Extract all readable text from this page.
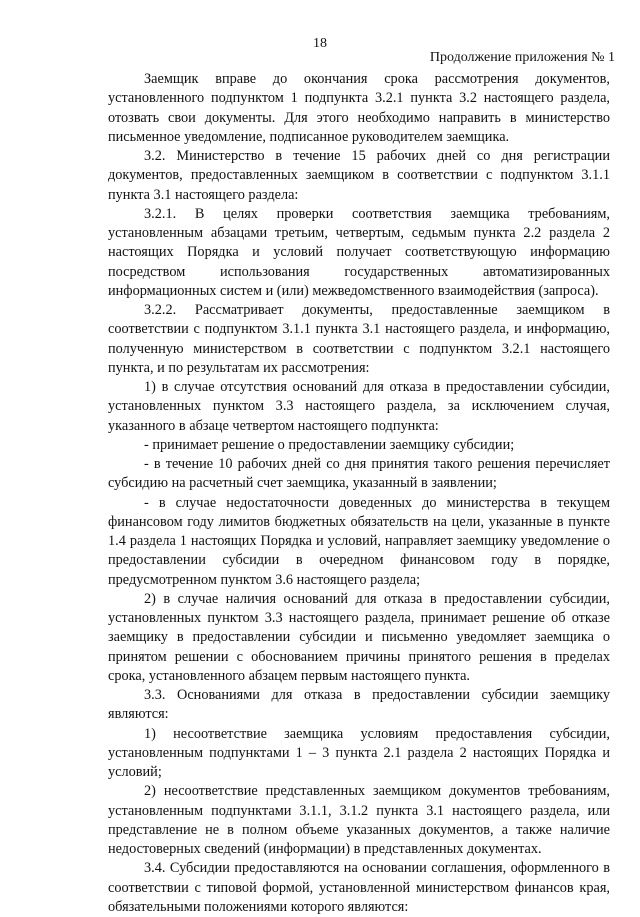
18
Продолжение приложения № 1

Заемщик вправе до окончания срока рассмотрения документов, установленного подпунктом 1 подпункта 3.2.1 пункта 3.2 настоящего раздела, отозвать свои документы. Для этого необходимо направить в министерство письменное уведомление, подписанное руководителем заемщика.

3.2. Министерство в течение 15 рабочих дней со дня регистрации документов, предоставленных заемщиком в соответствии с подпунктом 3.1.1 пункта 3.1 настоящего раздела:

3.2.1. В целях проверки соответствия заемщика требованиям, установленным абзацами третьим, четвертым, седьмым пункта 2.2 раздела 2 настоящих Порядка и условий получает соответствующую информацию посредством использования государственных автоматизированных информационных систем и (или) межведомственного взаимодействия (запроса).

3.2.2. Рассматривает документы, предоставленные заемщиком в соответствии с подпунктом 3.1.1 пункта 3.1 настоящего раздела, и информацию, полученную министерством в соответствии с подпунктом 3.2.1 настоящего пункта, и по результатам их рассмотрения:

1) в случае отсутствия оснований для отказа в предоставлении субсидии, установленных пунктом 3.3 настоящего раздела, за исключением случая, указанного в абзаце четвертом настоящего подпункта:

- принимает решение о предоставлении заемщику субсидии;

- в течение 10 рабочих дней со дня принятия такого решения перечисляет субсидию на расчетный счет заемщика, указанный в заявлении;

- в случае недостаточности доведенных до министерства в текущем финансовом году лимитов бюджетных обязательств на цели, указанные в пункте 1.4 раздела 1 настоящих Порядка и условий, направляет заемщику уведомление о предоставлении субсидии в очередном финансовом году в порядке, предусмотренном пунктом 3.6 настоящего раздела;

2) в случае наличия оснований для отказа в предоставлении субсидии, установленных пунктом 3.3 настоящего раздела, принимает решение об отказе заемщику в предоставлении субсидии и письменно уведомляет заемщика о принятом решении с обоснованием причины принятого решения в пределах срока, установленного абзацем первым настоящего пункта.

3.3. Основаниями для отказа в предоставлении субсидии заемщику являются:

1) несоответствие заемщика условиям предоставления субсидии, установленным подпунктами 1 – 3 пункта 2.1 раздела 2 настоящих Порядка и условий;

2) несоответствие представленных заемщиком документов требованиям, установленным подпунктами 3.1.1, 3.1.2 пункта 3.1 настоящего раздела, или представление не в полном объеме указанных документов, а также наличие недостоверных сведений (информации) в представленных документах.

3.4. Субсидии предоставляются на основании соглашения, оформленного в соответствии с типовой формой, установленной министерством финансов края, обязательными положениями которого являются:
